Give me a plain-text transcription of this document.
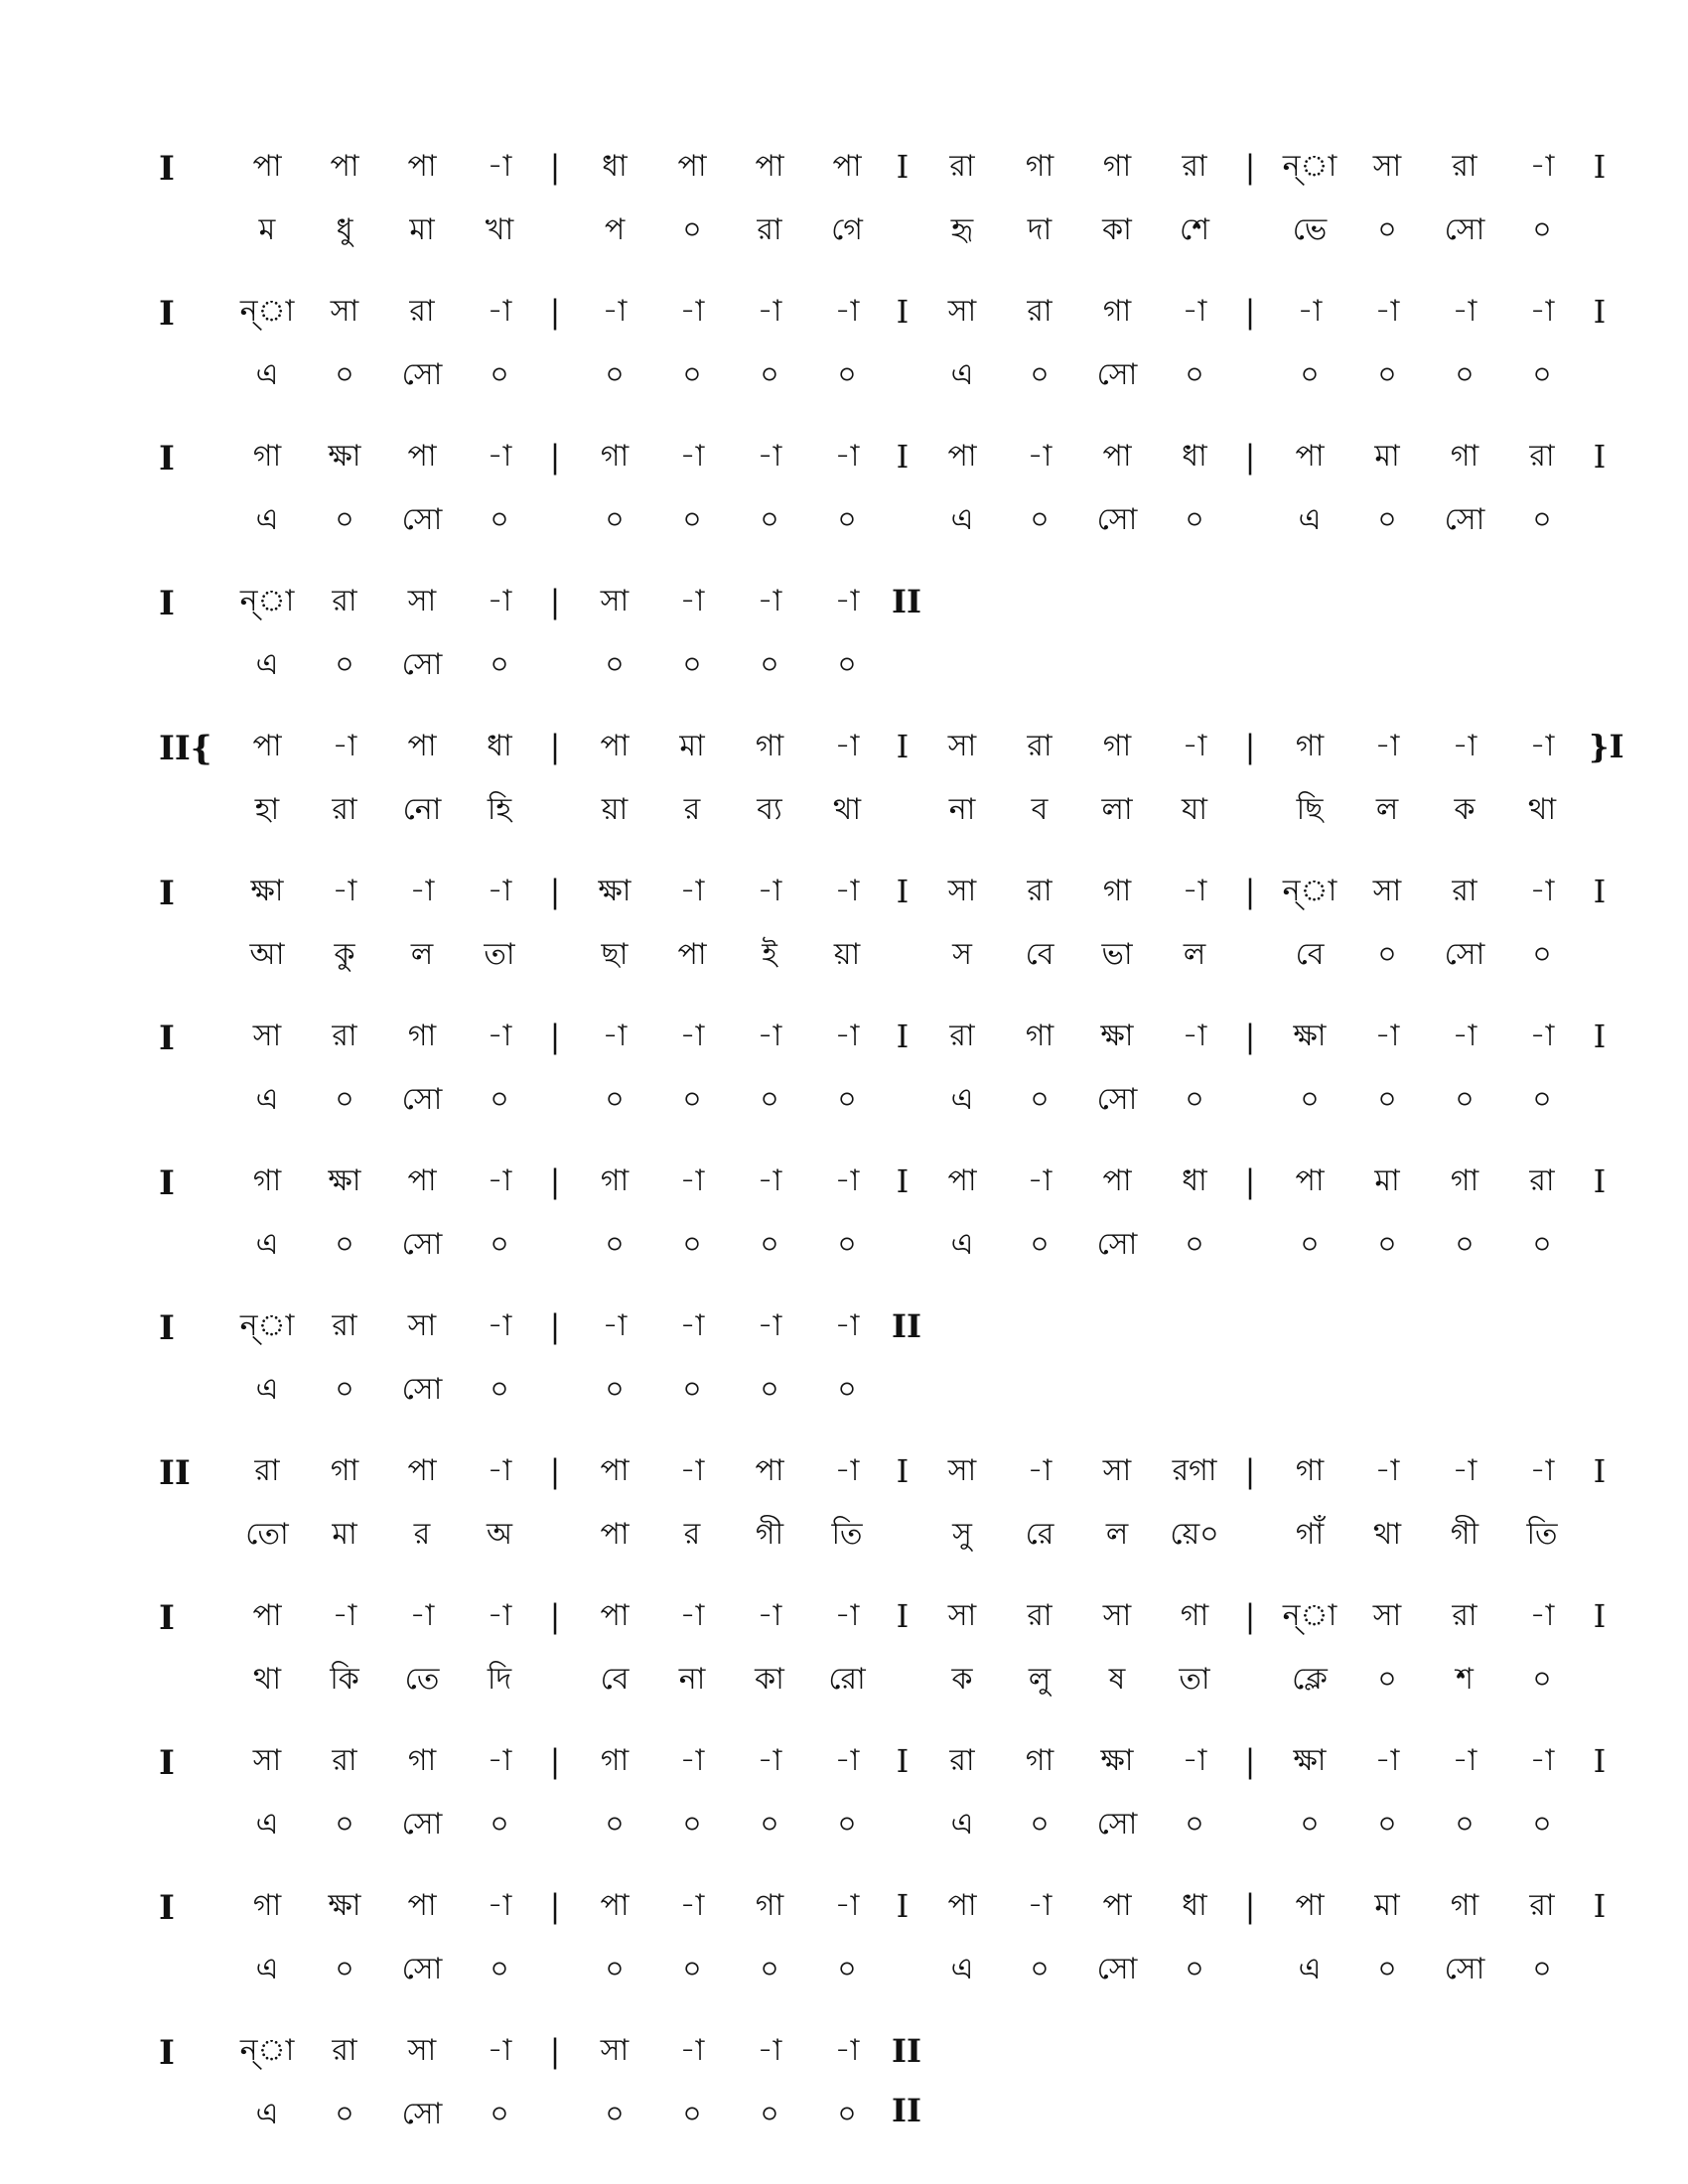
I	পা	পা	পা	-া	|	ধা	পা	পা	পা	I	রা	গা	গা	রা	| ন্‌া	সা	রা	-া	I
ম	ধু	মা	খা	প	০	রা	গে	হৃ	দা	কা	শে	ভে	০	সো	০
I	ন্‌া	সা	রা	-া	|	-া	-া	-া	-া	I	সা	রা	গা	-া	|	-া	-া	-া	-া	I
এ	০	সো	০	০	০	০	০	এ	০	সো	০	০	০	০	০
I	গা	ক্ষা	পা	-া	|	গা	-া	-া	-া	I	পা	-া	পা	ধা	|	পা	মা	গা	রা	I
এ	০	সো	০	০	০	০	০	এ	০	সো	০	এ	০	সো	০
I	ন্‌া	রা	সা	-া	|	সা	-া	-া	-া	II
এ	০	সো	০	০	০	০	০
II{	পা	-া	পা	ধা	|	পা	মা	গা	-া	I	সা	রা	গা	-া	|	গা	-া	-া	-া	}I
হা	রা	নো	হি	য়া	র	ব্য	থা	না	ব	লা	যা	ছি	ল	ক	থা
I	ক্ষা	-া	-া	-া	|	ক্ষা	-া	-া	-া	I	সা	রা	গা	-া	| ন্‌া	সা	রা	-া	I
আ	কু	ল	তা	ছা	পা	ই	য়া	স	বে	ভা	ল	বে	০	সো	০
I	সা	রা	গা	-া	|	-া	-া	-া	-া	I	রা	গা	ক্ষা	-া	|	ক্ষা	-া	-া	-া	I
এ	০	সো	০	০	০	০	০	এ	০	সো	০	০	০	০	০
I	গা	ক্ষা	পা	-া	|	গা	-া	-া	-া	I	পা	-া	পা	ধা	|	পা	মা	গা	রা	I
এ	০	সো	০	০	০	০	০	এ	০	সো	০	০	০	০	০
I	ন্‌া	রা	সা	-া	|	-া	-া	-া	-া	II
এ	০	সো	০	০	০	০	০
II	রা	গা	পা	-া	|	পা	-া	পা	-া	I	সা	-া	সা	রগা |	গা	-া	-া	-া	I
তো	মা	র	অ	পা	র	গী	তি	সু	রে	ল	য়ে০	গাঁ	থা	গী	তি
I	পা	-া	-া	-া	|	পা	-া	-া	-া	I	সা	রা	সা	গা	| ন্‌া	সা	রা	-া	I
থা	কি	তে	দি	বে	না	কা	রো	ক	লু	ষ	তা	ক্লে	০	শ	০
I	সা	রা	গা	-া	|	গা	-া	-া	-া	I	রা	গা	ক্ষা	-া	|	ক্ষা	-া	-া	-া	I
এ	০	সো	০	০	০	০	০	এ	০	সো	০	০	০	০	০
I	গা	ক্ষা	পা	-া	|	পা	-া	গা	-া	I	পা	-া	পা	ধা	|	পা	মা	গা	রা	I
এ	০	সো	০	০	০	০	০	এ	০	সো	০	এ	০	সো	০
I	ন্‌া	রা	সা	-া	|	সা	-া	-া	-া	II II
এ	০	সো	০	০	০	০	০
